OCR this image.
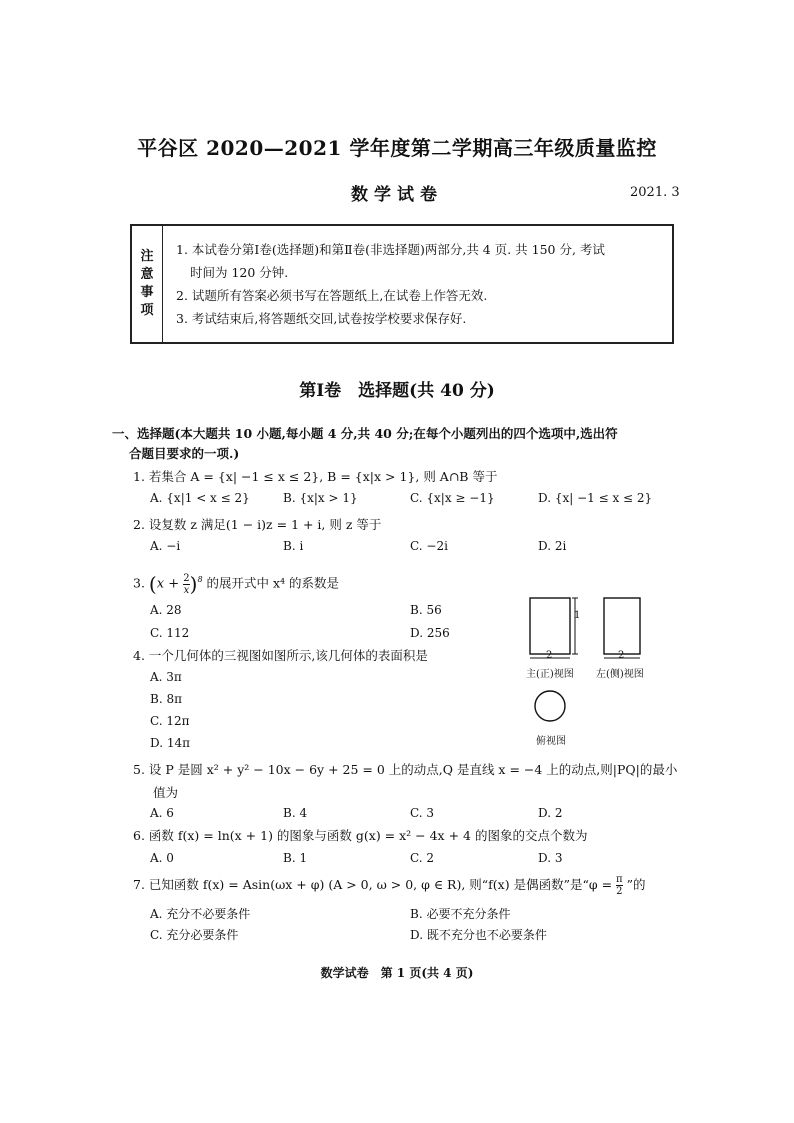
平谷区 2020—2021 学年度第二学期高三年级质量监控
数学试卷	2021. 3
注
意
事
项
1. 本试卷分第Ⅰ卷(选择题)和第Ⅱ卷(非选择题)两部分,共 4 页. 共 150 分, 考试
时间为 120 分钟.
2. 试题所有答案必须书写在答题纸上,在试卷上作答无效.
3. 考试结束后,将答题纸交回,试卷按学校要求保存好.
第Ⅰ卷　选择题(共 40 分)
一、选择题(本大题共 10 小题,每小题 4 分,共 40 分;在每个小题列出的四个选项中,选出符
合题目要求的一项.)
1. 若集合 A = {x| −1 ≤ x ≤ 2}, B = {x|x > 1}, 则 A∩B 等于
A. {x|1 < x ≤ 2}	B. {x|x > 1}	C. {x|x ≥ −1}	D. {x| −1 ≤ x ≤ 2}
2. 设复数 z 满足(1 − i)z = 1 + i, 则 z 等于
A. −i	B. i	C. −2i	D. 2i
3. $(x + \frac{2}{x} )^8$ 的展开式中 x⁴ 的系数是
A. 28	B. 56
C. 112	D. 256
4. 一个几何体的三视图如图所示,该几何体的表面积是
A. 3π
B. 8π
C. 12π
D. 14π
1
2	2
主(正)视图 左(侧)视图
俯视图
5. 设 P 是圆 x² + y² − 10x − 6y + 25 = 0 上的动点,Q 是直线 x = −4 上的动点,则|PQ|的最小
值为
A. 6	B. 4	C. 3	D. 2
6. 函数 f(x) = ln(x + 1) 的图象与函数 g(x) = x² − 4x + 4 的图象的交点个数为
A. 0	B. 1	C. 2	D. 3
7. 已知函数 f(x) = Asin(ωx + φ) (A > 0, ω > 0, φ ∈ R), 则“f(x) 是偶函数”是“$\varphi = \frac{\pi}{2}$ ”的
A. 充分不必要条件	B. 必要不充分条件
C. 充分必要条件	D. 既不充分也不必要条件
数学试卷　第 1 页(共 4 页)
